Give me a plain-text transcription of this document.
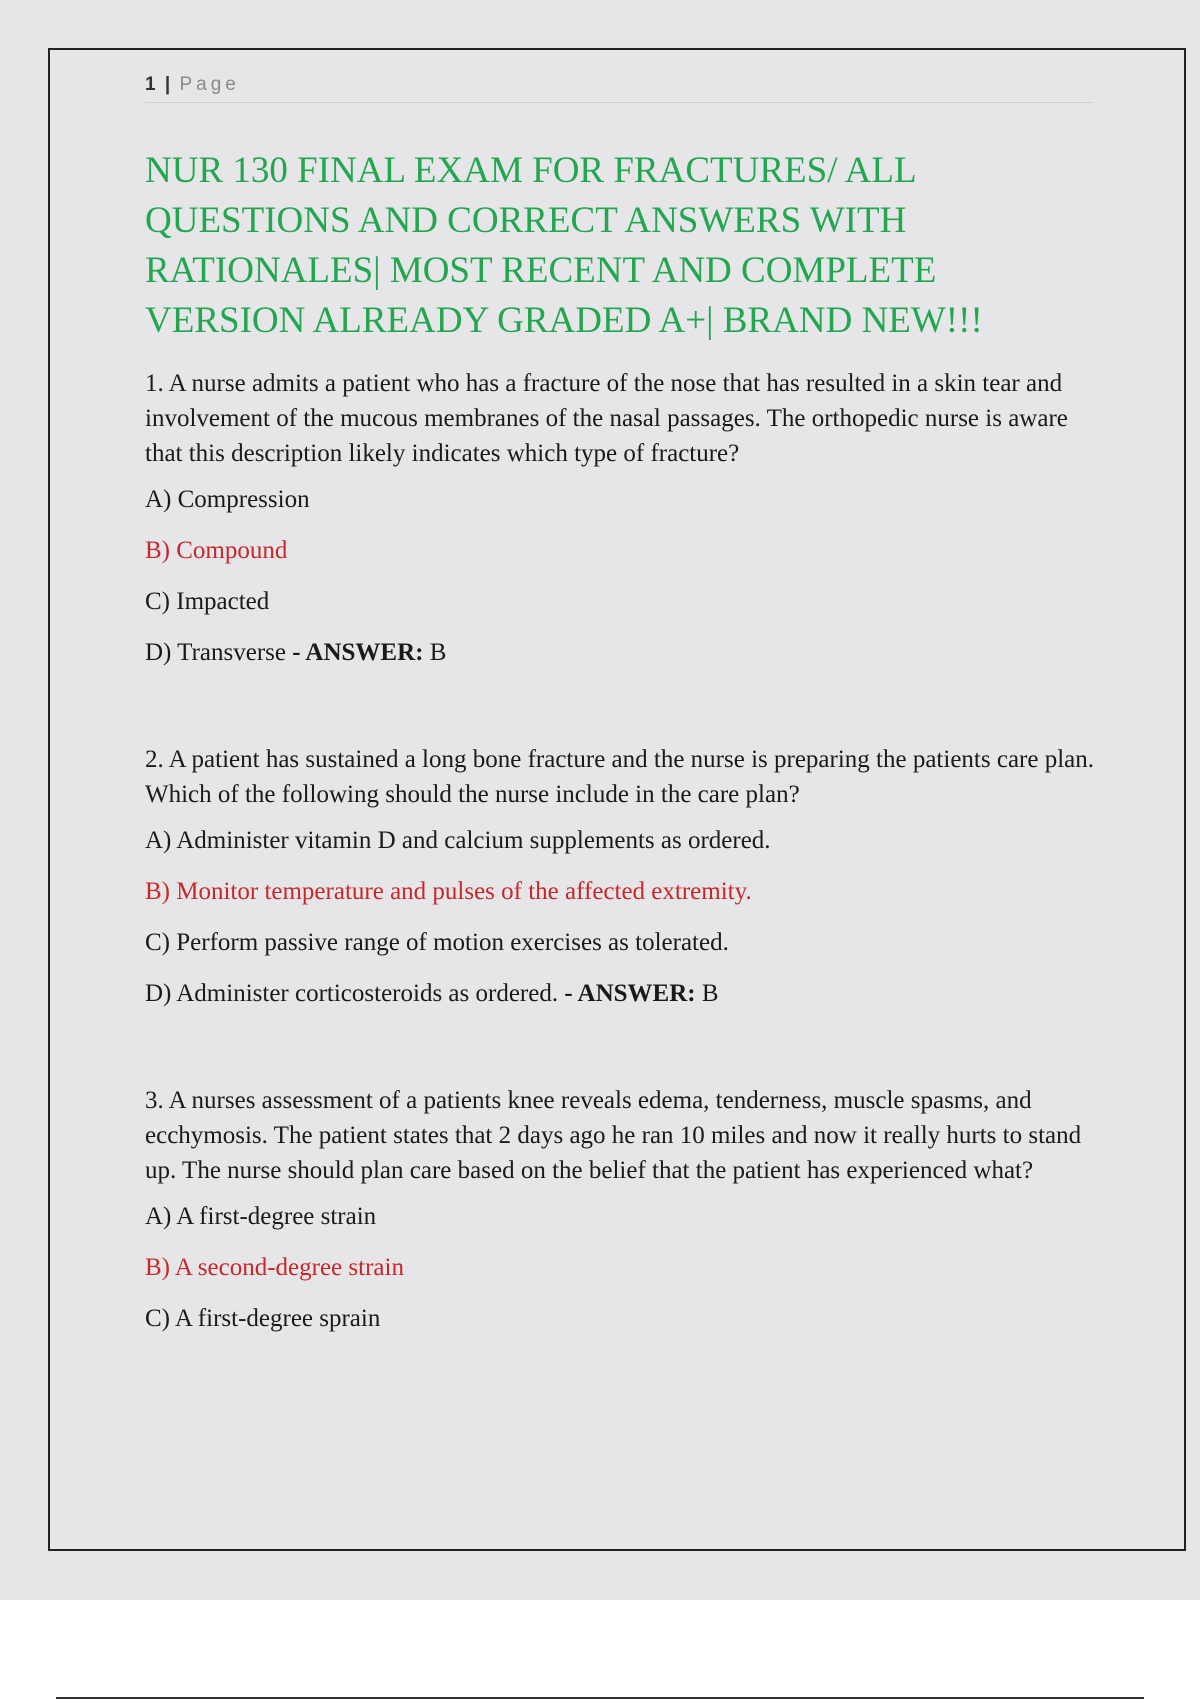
1 | Page
NUR 130 FINAL EXAM FOR FRACTURES/ ALL QUESTIONS AND CORRECT ANSWERS WITH RATIONALES| MOST RECENT AND COMPLETE VERSION ALREADY GRADED A+| BRAND NEW!!!

1. A nurse admits a patient who has a fracture of the nose that has resulted in a skin tear and involvement of the mucous membranes of the nasal passages. The orthopedic nurse is aware that this description likely indicates which type of fracture?

A) Compression

B) Compound

C) Impacted

D) Transverse - ANSWER: B

2. A patient has sustained a long bone fracture and the nurse is preparing the patients care plan. Which of the following should the nurse include in the care plan?

A) Administer vitamin D and calcium supplements as ordered.

B) Monitor temperature and pulses of the affected extremity.

C) Perform passive range of motion exercises as tolerated.

D) Administer corticosteroids as ordered. - ANSWER: B

3. A nurses assessment of a patients knee reveals edema, tenderness, muscle spasms, and ecchymosis. The patient states that 2 days ago he ran 10 miles and now it really hurts to stand up. The nurse should plan care based on the belief that the patient has experienced what?

A) A first-degree strain

B) A second-degree strain

C) A first-degree sprain
